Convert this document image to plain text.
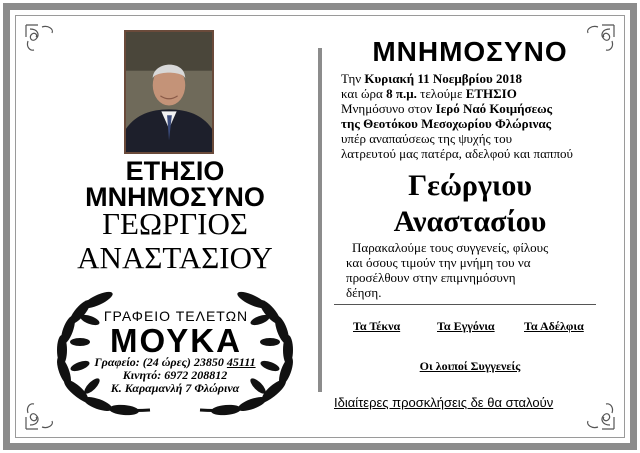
ΕΤΗΣΙΟ
ΜΝΗΜΟΣΥΝΟ
ΓΕΩΡΓΙΟΣ
ΑΝΑΣΤΑΣΙΟΥ
ΓΡΑΦΕΙΟ ΤΕΛΕΤΩΝ
ΜΟΥΚΑ
Γραφείο: (24 ώρες) 23850 45111
Κινητό: 6972 208812
Κ. Καραμανλή 7 Φλώρινα
ΜΝΗΜΟΣΥΝΟ
Την Κυριακή 11 Νοεμβρίου 2018
και ώρα 8 π.μ. τελούμε ΕΤΗΣΙΟ
Μνημόσυνο στον Ιερό Ναό Κοιμήσεως
της Θεοτόκου Μεσοχωρίου Φλώρινας
υπέρ αναπαύσεως της ψυχής του
λατρευτού μας πατέρα, αδελφού και παππού
Γεώργιου
Αναστασίου
Παρακαλούμε τους συγγενείς, φίλους
και όσους τιμούν την μνήμη του να
προσέλθουν στην επιμνημόσυνη
δέηση.
Τα Τέκνα	Τα Εγγόνια Τα Αδέλφια
Οι λοιποί Συγγενείς
Ιδιαίτερες προσκλήσεις δε θα σταλούν
